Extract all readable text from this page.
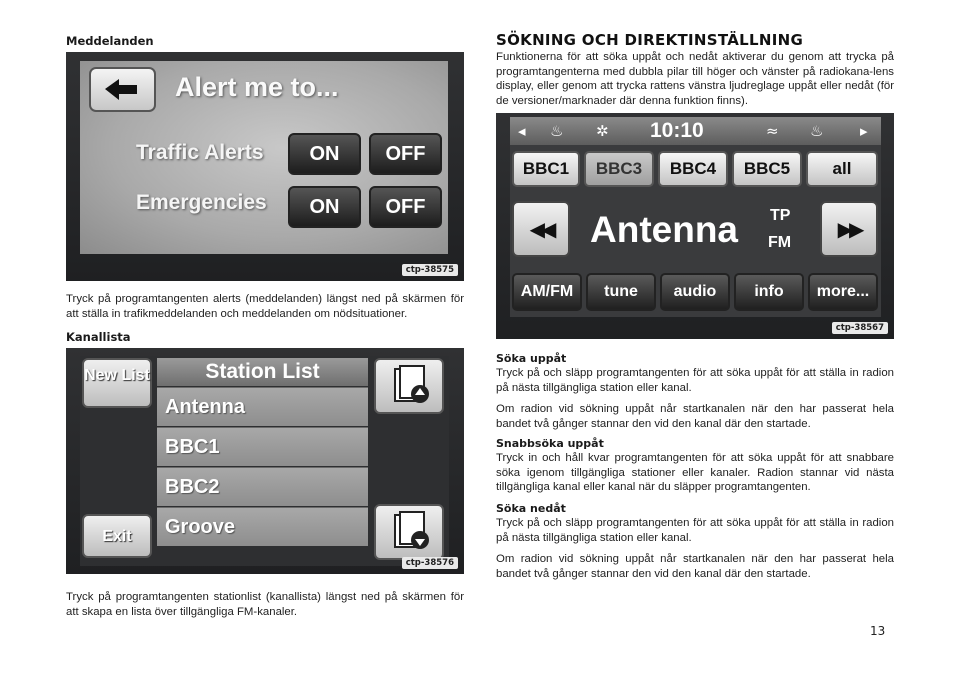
Meddelanden
Alert me to...
Traffic Alerts	ON	OFF
Emergencies	ON	OFF
ctp-38575
Tryck på programtangenten alerts (meddelanden) längst ned på skärmen för att ställa in trafikmeddelanden och meddelanden om nödsituationer.
Kanallista
New List	Station List
Antenna
BBC1
BBC2
Groove
Exit
ctp-38576
Tryck på programtangenten stationlist (kanallista) längst ned på skärmen för att skapa en lista över tillgängliga FM-kanaler.
SÖKNING OCH DIREKTINSTÄLLNING
Funktionerna för att söka uppåt och nedåt aktiverar du genom att trycka på programtangenterna med dubbla pilar till höger och vänster på radiokana-lens display, eller genom att trycka rattens vänstra ljudreglage uppåt eller nedåt (för de versioner/marknader där denna funktion finns).
◂ ♨ ✲ 10:10	≈ ♨ ▸
BBC1	BBC3	BBC4	BBC5	all
◀◀	Antenna TP
FM
▶▶
AM/FM	tune	audio	info	more...
ctp-38567
Söka uppåt
Tryck på och släpp programtangenten för att söka uppåt för att ställa in radion på nästa tillgängliga station eller kanal.
Om radion vid sökning uppåt når startkanalen när den har passerat hela bandet två gånger stannar den vid den kanal där den startade.
Snabbsöka uppåt
Tryck in och håll kvar programtangenten för att söka uppåt för att snabbare söka igenom tillgängliga stationer eller kanaler. Radion stannar vid nästa tillgängliga kanal eller kanal när du släpper programtangenten.
Söka nedåt
Tryck på och släpp programtangenten för att söka uppåt för att ställa in radion på nästa tillgängliga station eller kanal.
Om radion vid sökning uppåt når startkanalen när den har passerat hela bandet två gånger stannar den vid den kanal där den startade.
13
